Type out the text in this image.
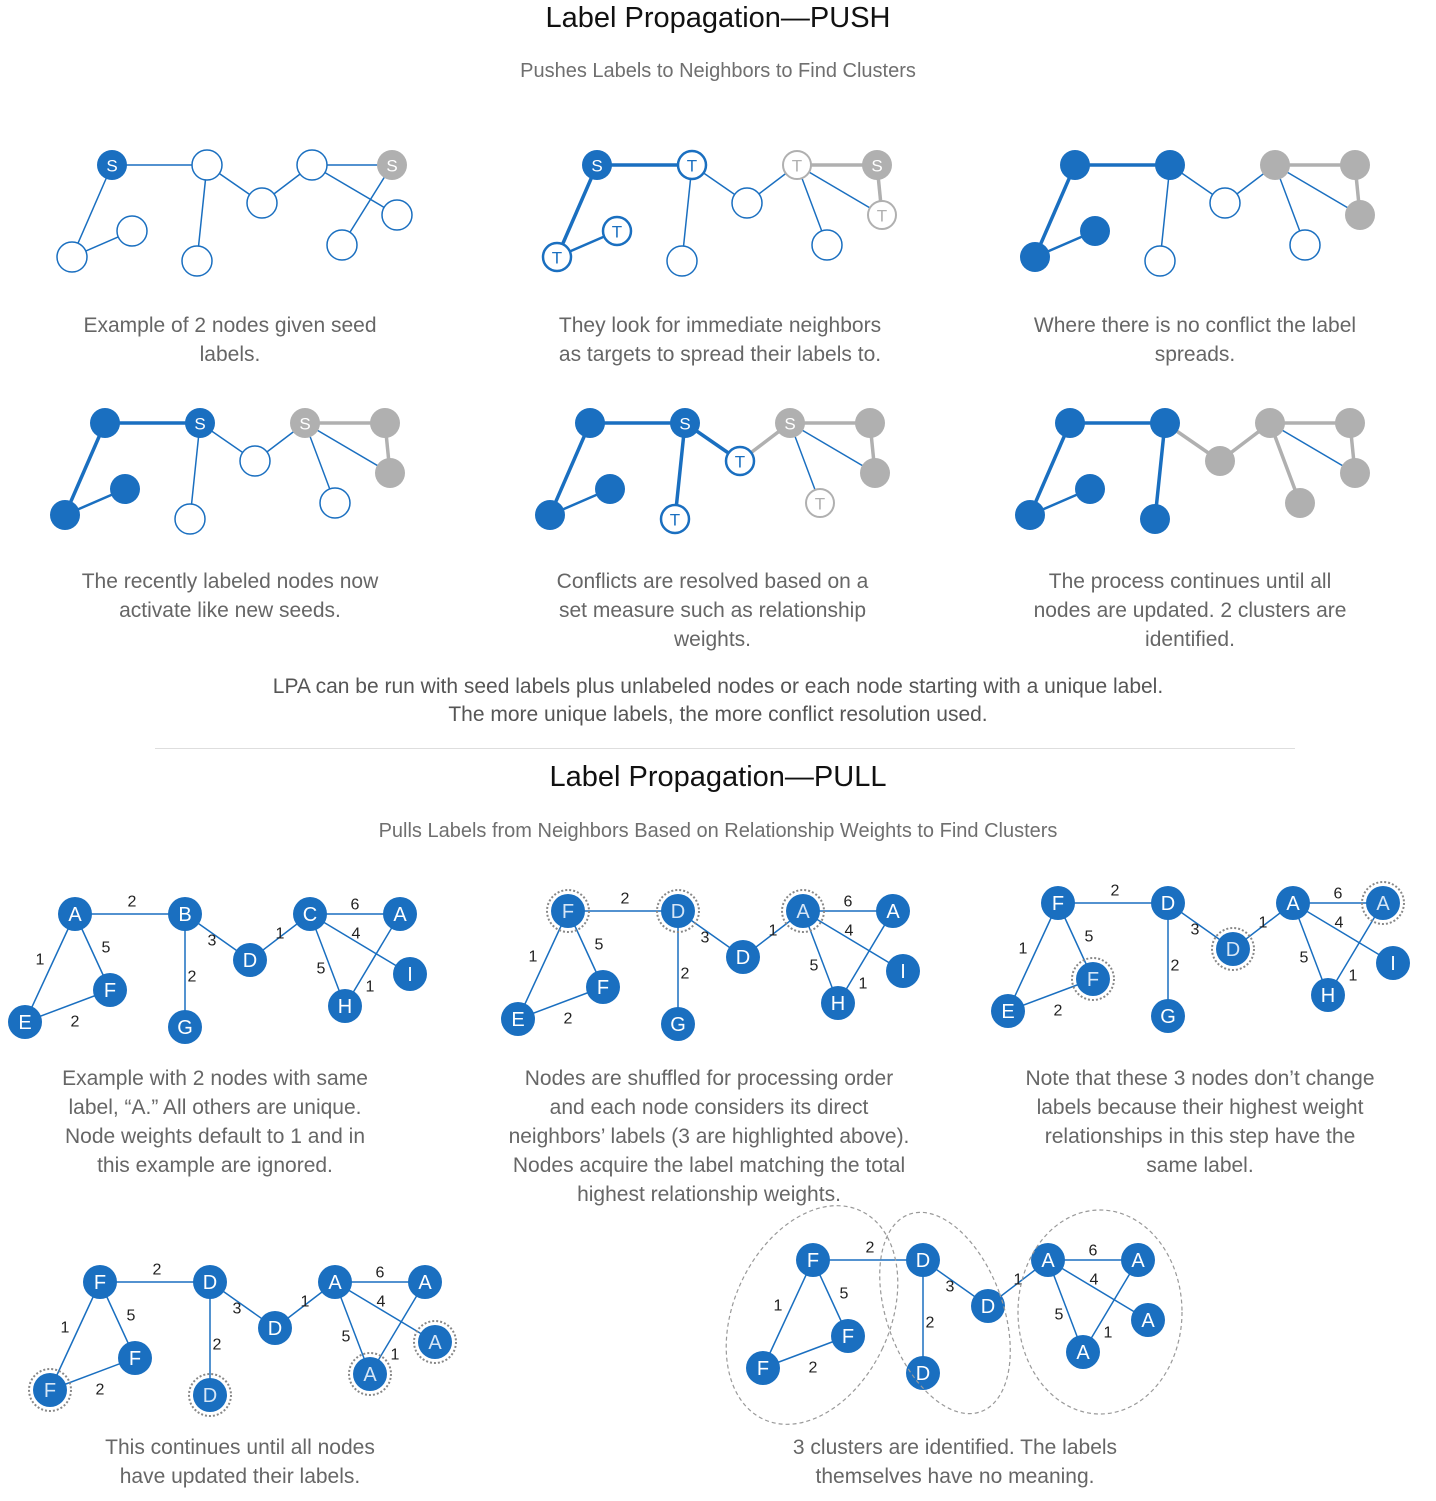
Label Propagation—PUSH
Pushes Labels to Neighbors to Find Clusters
Example of 2 nodes given seed labels.
They look for immediate neighbors as targets to spread their labels to.
Where there is no conflict the label spreads.
The recently labeled nodes now activate like new seeds.
Conflicts are resolved based on a set measure such as relationship weights.
The process continues until all nodes are updated. 2 clusters are identified.
LPA can be run with seed labels plus unlabeled nodes or each node starting with a unique label.
The more unique labels, the more conflict resolution used.
Label Propagation—PULL
Pulls Labels from Neighbors Based on Relationship Weights to Find Clusters
Example with 2 nodes with same label, “A.” All others are unique. Node weights default to 1 and in this example are ignored.
Nodes are shuffled for processing order and each node considers its direct neighbors’ labels (3 are highlighted above). Nodes acquire the label matching the total highest relationship weights.
Note that these 3 nodes don’t change labels because their highest weight relationships in this step have the same label.
This continues until all nodes have updated their labels.
3 clusters are identified. The labels themselves have no meaning.
S	S	S	T	T	S
T
T
T
S	S	S
T
S
T
T
2
3	1
6
1
5
2
2
4
5
1
A	B
D
C	A
E
F
G
H
I
2
3	1
6
1
5
2
2
4
5
1
F	D
D
A	A
E
F
G
H
I
2
3	1
6
1
5
2
2
4
5
1
F	D
D
A	A
E
F
G
H
I
2
3	1
6
1
5
2
2
4
5
1
F	D
D
A	A
F
F
D
A
A
2
3	1
6
1
5
2
2
4
5
1
F	D
D
A	A
F
F
D
A
A
